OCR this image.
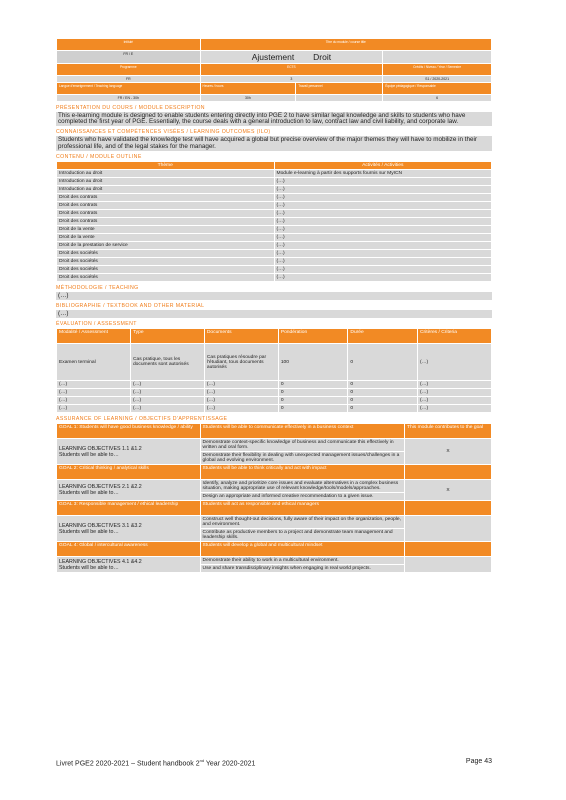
Intitulé	Titre du module / course title		
FR / E	Ajustement Droit		
Programme	ECTS		Crédits / Niveau / Year / Semestre
FR	3		S1 / 2020-2021
Langue d'enseignement / Teaching language	Heures / hours	Travail personnel	Équipe pédagogique / Responsable
FR / EN - 30h	30h		6
PRÉSENTATION DU COURS / MODULE DESCRIPTION
This e-learning module is designed to enable students entering directly into PGE 2 to have similar legal knowledge and skills to students who have completed the first year of PGE. Essentially, the course deals with a general introduction to law, contract law and civil liability, and corporate law.
CONNAISSANCES ET COMPÉTENCES VISÉES / LEARNING OUTCOMES (ILO)
Students who have validated the knowledge test will have acquired a global but precise overview of the major themes they will have to mobilize in their professional life, and of the legal stakes for the manager.
CONTENU / MODULE OUTLINE
Thème	Activités / Activities
Introduction au droit	Module e-learning à partir des supports fournis sur MyICN
Introduction au droit	(…)
Introduction au droit	(…)
Droit des contrats	(…)
Droit des contrats	(…)
Droit des contrats	(…)
Droit des contrats	(…)
Droit de la vente	(…)
Droit de la vente	(…)
Droit de la prestation de service	(…)
Droit des sociétés	(…)
Droit des sociétés	(…)
Droit des sociétés	(…)
Droit des sociétés	(…)
MÉTHODOLOGIE / TEACHING
(…)
BIBLIOGRAPHIE / TEXTBOOK AND OTHER MATERIAL
(…)
ÉVALUATION / ASSESSMENT
Modalité / Assessment	Type	Documents	Pondération	Durée	Critères / Criteria
Examen terminal	Cas pratique, tous les documents sont autorisés	Cas pratiques résoudre par l'étudiant, tous documents autorisés	100	0	(…)
(…)	(…)	(…)	0	0	(…)
(…)	(…)	(…)	0	0	(…)
(…)	(…)	(…)	0	0	(…)
(…)	(…)	(…)	0	0	(…)
ASSURANCE OF LEARNING / OBJECTIFS D'APPRENTISSAGE
GOAL 1: Students will have good business knowledge / ability	Students will be able to communicate effectively in a business context	This module contributes to the goal

LEARNING OBJECTIVES 1.1 &1.2
Students will be able to…	Demonstrate context-specific knowledge of business and communicate this effectively in written and oral form.	X
	Demonstrate their flexibility in dealing with unexpected management issues/challenges in a global and evolving environment.	
GOAL 2: Critical thinking / analytical skills	Students will be able to think critically and act with impact	

LEARNING OBJECTIVES 2.1 &2.2
Students will be able to…	Identify, analyze and prioritize core issues and evaluate alternatives in a complex business situation, making appropriate use of relevant knowledge/tools/models/approaches.	X
	Design an appropriate and informed creative recommendation to a given issue.	
GOAL 3: Responsible management / ethical leadership	Students will act as responsible and ethical managers	

LEARNING OBJECTIVES 3.1 &3.2
Students will be able to…	Construct well thought-out decisions, fully aware of their impact on the organization, people, and environment.	
	Contribute as productive members to a project and demonstrate team management and leadership skills.	
GOAL 4: Global / intercultural awareness	Students will develop a global and multicultural mindset	

LEARNING OBJECTIVES 4.1 &4.2
Students will be able to…	Demonstrate their ability to work in a multicultural environment.	
	Use and share transdisciplinary insights when engaging in real world projects.	
Livret PGE2 2020-2021 – Student handbook 2nd Year 2020-2021	Page 43
